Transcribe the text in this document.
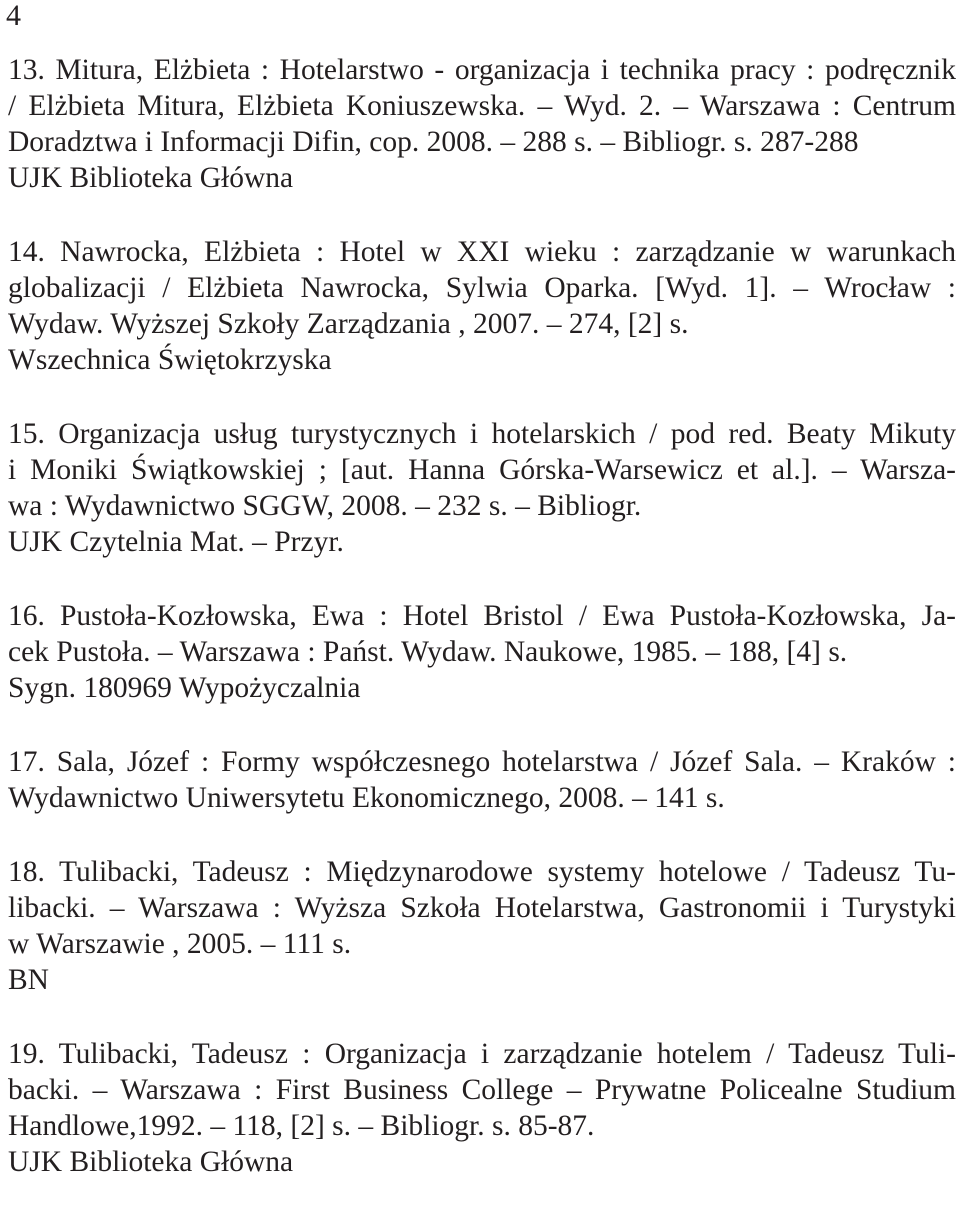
4
13. Mitura, Elżbieta : Hotelarstwo - organizacja i technika pracy : podręcznik
/ Elżbieta Mitura, Elżbieta Koniuszewska. – Wyd. 2. – Warszawa : Centrum
Doradztwa i Informacji Difin, cop. 2008. – 288 s. – Bibliogr. s. 287-288
UJK Biblioteka Główna
14. Nawrocka, Elżbieta : Hotel w XXI wieku : zarządzanie w warunkach
globalizacji / Elżbieta Nawrocka, Sylwia Oparka. [Wyd. 1]. – Wrocław :
Wydaw. Wyższej Szkoły Zarządzania , 2007. – 274, [2] s.
Wszechnica Świętokrzyska
15. Organizacja usług turystycznych i hotelarskich / pod red. Beaty Mikuty
i Moniki Świątkowskiej ; [aut. Hanna Górska-Warsewicz et al.]. – Warsza-
wa : Wydawnictwo SGGW, 2008. – 232 s. – Bibliogr.
UJK Czytelnia Mat. – Przyr.
16. Pustoła-Kozłowska, Ewa : Hotel Bristol / Ewa Pustoła-Kozłowska, Ja-
cek Pustoła. – Warszawa : Państ. Wydaw. Naukowe, 1985. – 188, [4] s.
Sygn. 180969 Wypożyczalnia
17. Sala, Józef : Formy współczesnego hotelarstwa / Józef Sala. – Kraków :
Wydawnictwo Uniwersytetu Ekonomicznego, 2008. – 141 s.
18. Tulibacki, Tadeusz : Międzynarodowe systemy hotelowe / Tadeusz Tu-
libacki. – Warszawa : Wyższa Szkoła Hotelarstwa, Gastronomii i Turystyki
w Warszawie , 2005. – 111 s.
BN
19. Tulibacki, Tadeusz : Organizacja i zarządzanie hotelem / Tadeusz Tuli-
backi. – Warszawa : First Business College – Prywatne Policealne Studium
Handlowe,1992. – 118, [2] s. – Bibliogr. s. 85-87.
UJK Biblioteka Główna
